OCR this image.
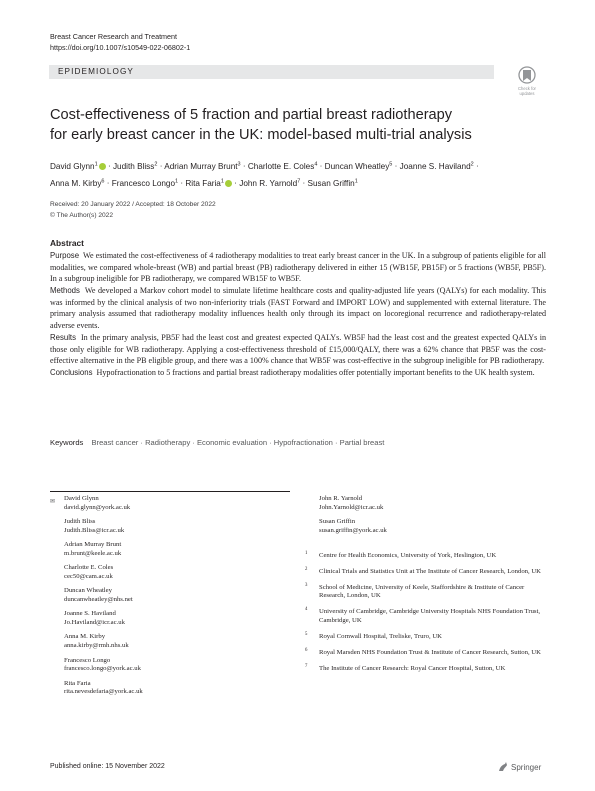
Breast Cancer Research and Treatment
https://doi.org/10.1007/s10549-022-06802-1
EPIDEMIOLOGY
Check for
updates
Cost-effectiveness of 5 fraction and partial breast radiotherapy
for early breast cancer in the UK: model-based multi-trial analysis
David Glynn$^1$ · Judith Bliss$^2$ · Adrian Murray Brunt$^3$ · Charlotte E. Coles$^4$ · Duncan Wheatley$^5$ · Joanne S. Haviland$^2$ ·
Anna M. Kirby$^6$ · Francesco Longo$^1$ · Rita Faria$^1$ · John R. Yarnold$^7$ · Susan Griffin$^1$
Received: 20 January 2022 / Accepted: 18 October 2022
© The Author(s) 2022
Abstract

Purpose We estimated the cost-effectiveness of 4 radiotherapy modalities to treat early breast cancer in the UK. In a subgroup of patients eligible for all modalities, we compared whole-breast (WB) and partial breast (PB) radiotherapy delivered in either 15 (WB15F, PB15F) or 5 fractions (WB5F, PB5F). In a subgroup ineligible for PB radiotherapy, we compared WB15F to WB5F.

Methods We developed a Markov cohort model to simulate lifetime healthcare costs and quality-adjusted life years (QALYs) for each modality. This was informed by the clinical analysis of two non-inferiority trials (FAST Forward and IMPORT LOW) and supplemented with external literature. The primary analysis assumed that radiotherapy modality influences health only through its impact on locoregional recurrence and radiotherapy-related adverse events.

Results In the primary analysis, PB5F had the least cost and greatest expected QALYs. WB5F had the least cost and the greatest expected QALYs in those only eligible for WB radiotherapy. Applying a cost-effectiveness threshold of £15,000/QALY, there was a 62% chance that PB5F was the cost-effective alternative in the PB eligible group, and there was a 100% chance that WB5F was cost-effective in the subgroup ineligible for PB radiotherapy.

Conclusions Hypofractionation to 5 fractions and partial breast radiotherapy modalities offer potentially important benefits to the UK health system.

Keywords Breast cancer · Radiotherapy · Economic evaluation · Hypofractionation · Partial breast
✉ David Glynn
david.glynn@york.ac.uk
Judith Bliss
Judith.Bliss@icr.ac.uk
Adrian Murray Brunt
m.brunt@keele.ac.uk
Charlotte E. Coles
cec50@cam.ac.uk
Duncan Wheatley
duncanwheatley@nhs.net
Joanne S. Haviland
Jo.Haviland@icr.ac.uk
Anna M. Kirby
anna.kirby@rmh.nhs.uk
Francesco Longo
francesco.longo@york.ac.uk
Rita Faria
rita.nevesdefaria@york.ac.uk
John R. Yarnold
John.Yarnold@icr.ac.uk
Susan Griffin
susan.griffin@york.ac.uk
1 Centre for Health Economics, University of York, Heslington, UK
2 Clinical Trials and Statistics Unit at The Institute of Cancer Research, London, UK
3 School of Medicine, University of Keele, Staffordshire & Institute of Cancer Research, London, UK
4 University of Cambridge, Cambridge University Hospitals NHS Foundation Trust, Cambridge, UK
5 Royal Cornwall Hospital, Treliske, Truro, UK
6 Royal Marsden NHS Foundation Trust & Institute of Cancer Research, Sutton, UK
7 The Institute of Cancer Research: Royal Cancer Hospital, Sutton, UK
Published online: 15 November 2022	Springer
